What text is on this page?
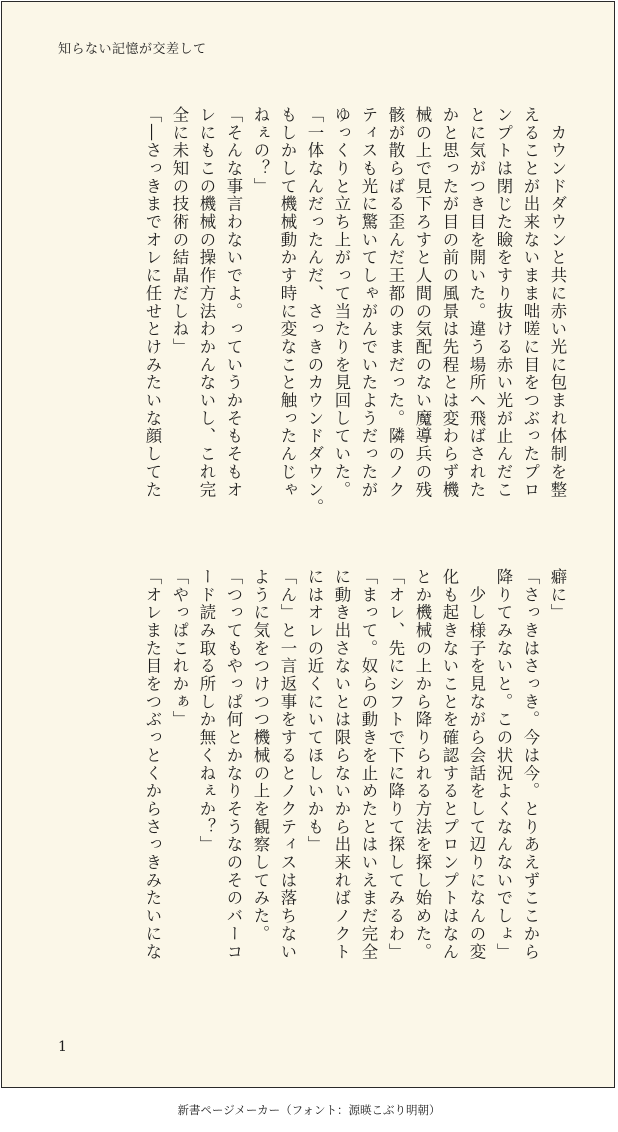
知らない記憶が交差して
　カウンドダウンと共に赤い光に包まれ体制を整
えることが出来ないまま咄嗟に目をつぶったプロ
ンプトは閉じた瞼をすり抜ける赤い光が止んだこ
とに気がつき目を開いた。違う場所へ飛ばされた
かと思ったが目の前の風景は先程とは変わらず機
械の上で見下ろすと人間の気配のない魔導兵の残
骸が散らばる歪んだ王都のままだった。隣のノク
ティスも光に驚いてしゃがんでいたようだったが
ゆっくりと立ち上がって当たりを見回していた。
「一体なんだったんだ、さっきのカウンドダウン。
もしかして機械動かす時に変なこと触ったんじゃ
ねぇの？」
「そんな事言わないでよ。っていうかそもそもオ
レにもこの機械の操作方法わかんないし、これ完
全に未知の技術の結晶だしね」
「―さっきまでオレに任せとけみたいな顔してた
癖に」
「さっきはさっき。今は今。とりあえずここから
降りてみないと。この状況よくなんないでしょ」
　少し様子を見ながら会話をして辺りになんの変
化も起きないことを確認するとプロンプトはなん
とか機械の上から降りられる方法を探し始めた。
「オレ、先にシフトで下に降りて探してみるわ」
「まって。奴らの動きを止めたとはいえまだ完全
に動き出さないとは限らないから出来ればノクト
にはオレの近くにいてほしいかも」
「ん」と一言返事をするとノクティスは落ちない
ように気をつけつつ機械の上を観察してみた。
「つってもやっぱ何とかなりそうなのそのバーコ
ード読み取る所しか無くねぇか？」
「やっぱこれかぁ」
「オレまた目をつぶっとくからさっきみたいにな
1
新書ページメーカー（フォント：源暎こぶり明朝）
